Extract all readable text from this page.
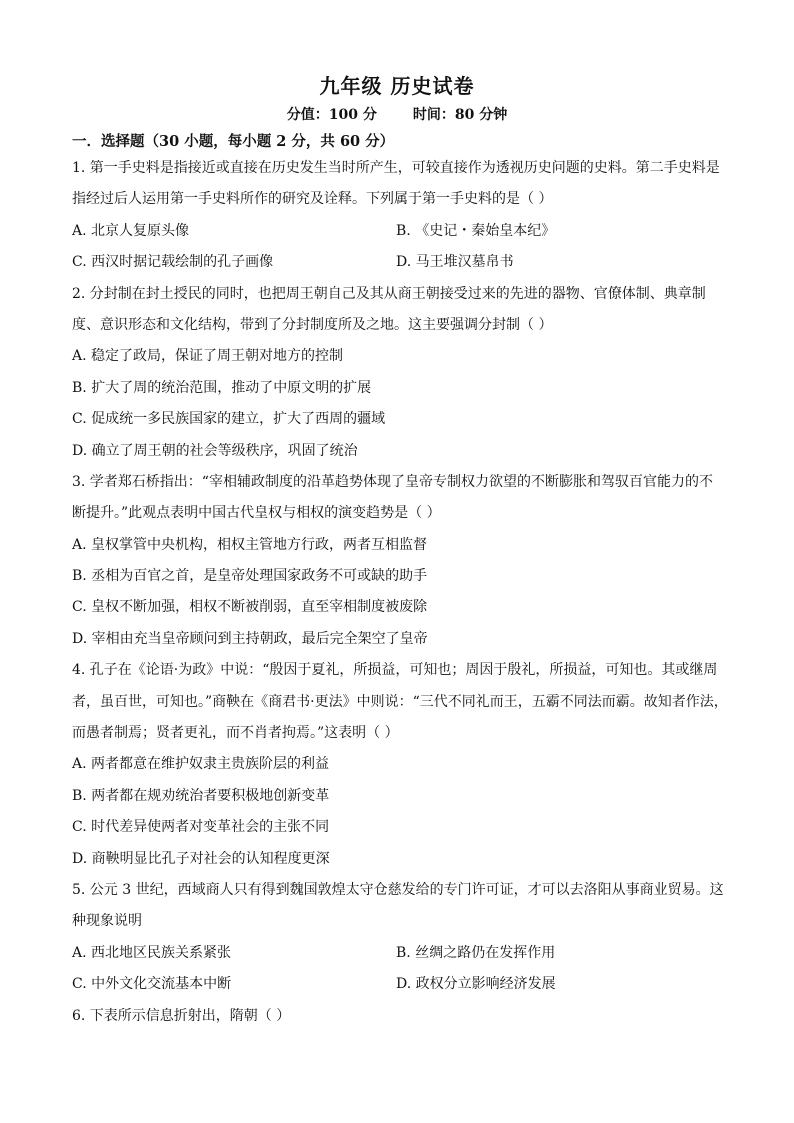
九年级 历史试卷
分值：100 分	时间：80 分钟
一．选择题（30 小题，每小题 2 分，共 60 分）
1. 第一手史料是指接近或直接在历史发生当时所产生，可较直接作为透视历史问题的史料。第二手史料是
指经过后人运用第一手史料所作的研究及诠释。下列属于第一手史料的是（ ）
A. 北京人复原头像	B. 《史记・秦始皇本纪》
C. 西汉时据记载绘制的孔子画像	D. 马王堆汉墓帛书
2. 分封制在封土授民的同时，也把周王朝自己及其从商王朝接受过来的先进的器物、官僚体制、典章制
度、意识形态和文化结构，带到了分封制度所及之地。这主要强调分封制（ ）
A. 稳定了政局，保证了周王朝对地方的控制
B. 扩大了周的统治范围，推动了中原文明的扩展
C. 促成统一多民族国家的建立，扩大了西周的疆域
D. 确立了周王朝的社会等级秩序，巩固了统治
3. 学者郑石桥指出：“宰相辅政制度的沿革趋势体现了皇帝专制权力欲望的不断膨胀和驾驭百官能力的不
断提升。”此观点表明中国古代皇权与相权的演变趋势是（ ）
A. 皇权掌管中央机构，相权主管地方行政，两者互相监督
B. 丞相为百官之首，是皇帝处理国家政务不可或缺的助手
C. 皇权不断加强，相权不断被削弱，直至宰相制度被废除
D. 宰相由充当皇帝顾问到主持朝政，最后完全架空了皇帝
4. 孔子在《论语·为政》中说：“殷因于夏礼，所损益，可知也；周因于殷礼，所损益，可知也。其或继周
者，虽百世，可知也。”商鞅在《商君书·更法》中则说：“三代不同礼而王，五霸不同法而霸。故知者作法，
而愚者制焉；贤者更礼，而不肖者拘焉。”这表明（ ）
A. 两者都意在维护奴隶主贵族阶层的利益
B. 两者都在规劝统治者要积极地创新变革
C. 时代差异使两者对变革社会的主张不同
D. 商鞅明显比孔子对社会的认知程度更深
5. 公元 3 世纪，西域商人只有得到魏国敦煌太守仓慈发给的专门许可证，才可以去洛阳从事商业贸易。这
种现象说明
A. 西北地区民族关系紧张	B. 丝绸之路仍在发挥作用
C. 中外文化交流基本中断	D. 政权分立影响经济发展
6. 下表所示信息折射出，隋朝（ ）
